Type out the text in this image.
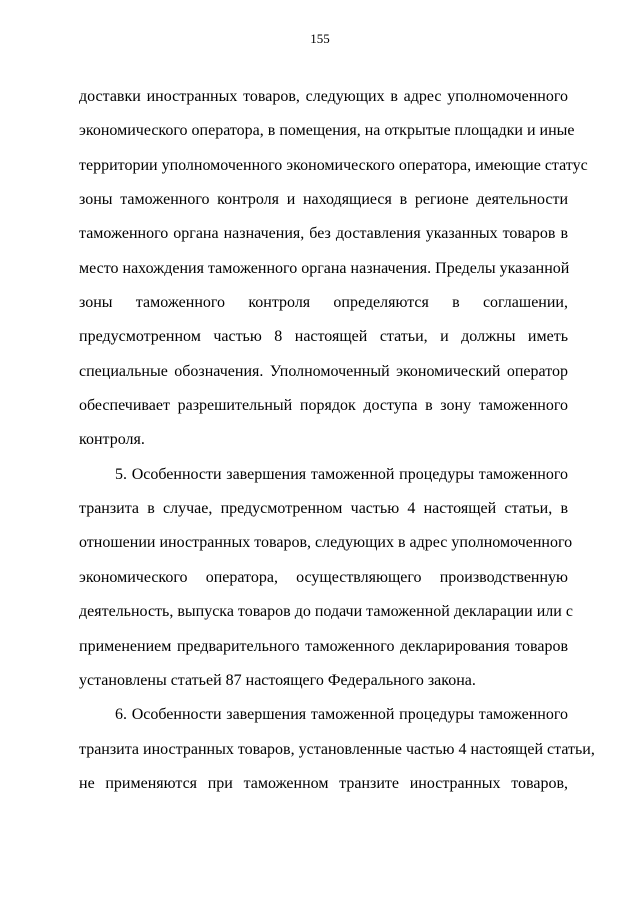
155
доставки иностранных товаров, следующих в адрес уполномоченного
экономического оператора, в помещения, на открытые площадки и иные
территории уполномоченного экономического оператора, имеющие статус
зоны таможенного контроля и находящиеся в регионе деятельности
таможенного органа назначения, без доставления указанных товаров в
место нахождения таможенного органа назначения. Пределы указанной
зоны таможенного контроля определяются в соглашении,
предусмотренном частью 8 настоящей статьи, и должны иметь
специальные обозначения. Уполномоченный экономический оператор
обеспечивает разрешительный порядок доступа в зону таможенного
контроля.
5. Особенности завершения таможенной процедуры таможенного
транзита в случае, предусмотренном частью 4 настоящей статьи, в
отношении иностранных товаров, следующих в адрес уполномоченного
экономического оператора, осуществляющего производственную
деятельность, выпуска товаров до подачи таможенной декларации или с
применением предварительного таможенного декларирования товаров
установлены статьей 87 настоящего Федерального закона.
6. Особенности завершения таможенной процедуры таможенного
транзита иностранных товаров, установленные частью 4 настоящей статьи,
не применяются при таможенном транзите иностранных товаров,
